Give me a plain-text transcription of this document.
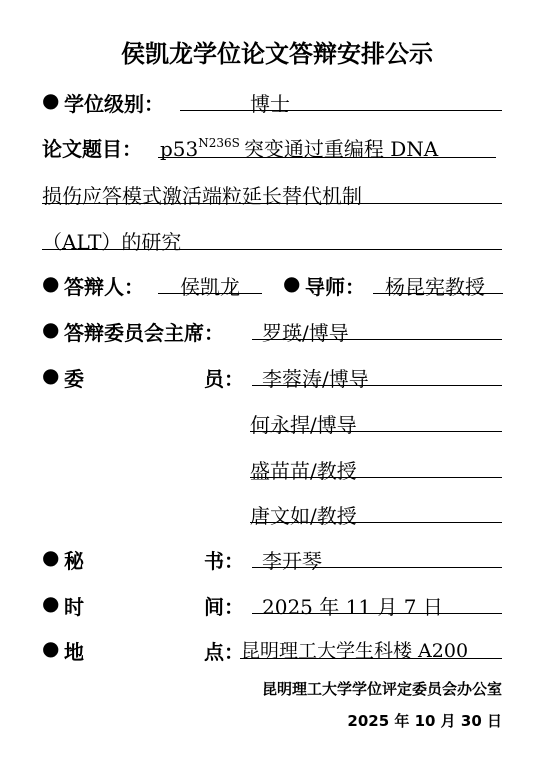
侯凯龙学位论文答辩安排公示
● 学位级别：	博士
论文题目： $p53^{N236S}$ 突变通过重编程 DNA
损伤应答模式激活端粒延长替代机制
（ALT）的研究
● 答辩人： 侯凯龙 ● 导师： 杨昆宪教授
● 答辩委员会主席： 罗瑛/博导
● 委	员： 李蓉涛/博导
何永捍/博导
盛苗苗/教授
唐文如/教授
● 秘	书： 李开琴
● 时	间： 2025 年 11 月 7 日
● 地	点：
昆明理工大学生科楼 A200
昆明理工大学学位评定委员会办公室
2025 年 10 月 30 日
